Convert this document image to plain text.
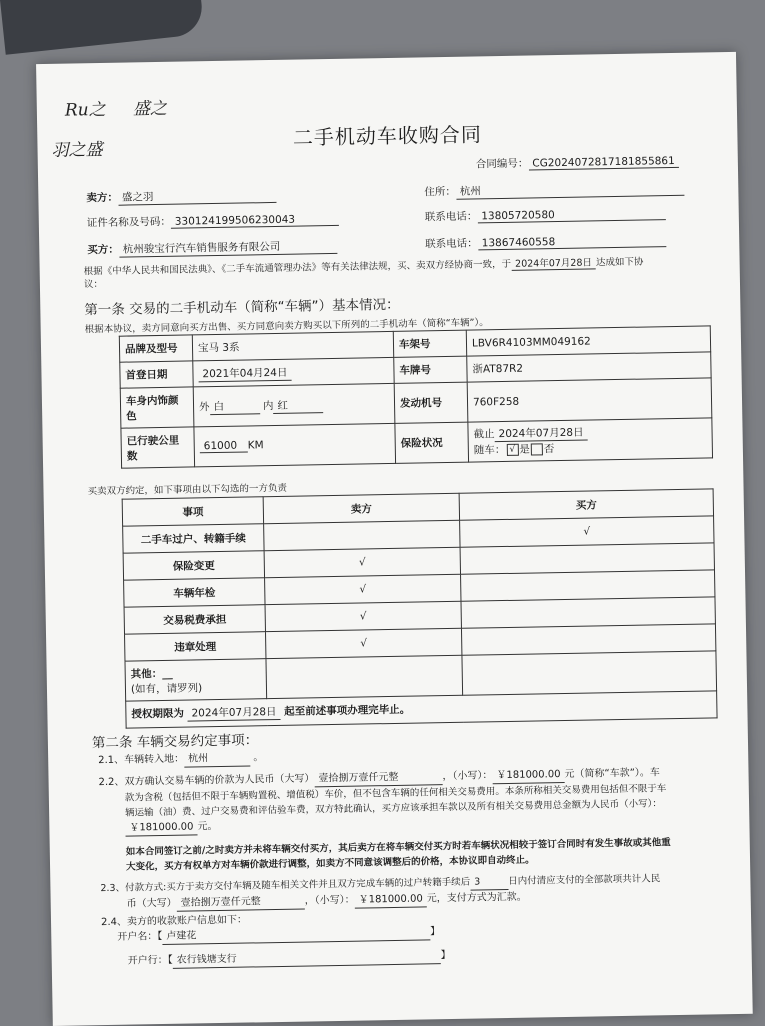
Ru之 盛之
羽之盛
二手机动车收购合同
合同编号： CG2024072817181855861
卖方： 盛之羽	住所： 杭州
证件名称及号码： 330124199506230043	联系电话： 13805720580
买方： 杭州骏宝行汽车销售服务有限公司	联系电话： 13867460558
根据《中华人民共和国民法典》、《二手车流通管理办法》等有关法律法规，买、卖双方经协商一致，于 2024年07月28日 达成如下协
议：
第一条 交易的二手机动车（简称“车辆”）基本情况：
根据本协议，卖方同意向买方出售、买方同意向卖方购买以下所列的二手机动车（简称“车辆”）。
品牌及型号	宝马 3系	车架号	LBV6R4103MM049162
首登日期	2021年04月24日	车牌号	浙AT87R2
车身内饰颜色	外 白 内 红	发动机号	760F258
已行驶公里数	61000 KM	保险状况	截止 2024年07月28日
随车： √ 是 否
买卖双方约定，如下事项由以下勾选的一方负责
事项	卖方	买方
二手车过户、转籍手续		√
保险变更	√	
车辆年检	√	
交易税费承担	√	
违章处理	√	

其他：__
(如有，请罗列)		

授权期限为 2024年07月28日 起至前述事项办理完毕止。		
第二条 车辆交易约定事项：
2.1、车辆转入地： 杭州	。
2.2、双方确认交易车辆的价款为人民币（大写） 壹拾捌万壹仟元整	，（小写）： ￥181000.00 元（简称“车款”）。车
款为含税（包括但不限于车辆购置税、增值税）车价，但不包含车辆的任何相关交易费用。本条所称相关交易费用包括但不限于车
辆运输（油）费、过户交易费和评估验车费，双方特此确认，买方应该承担车款以及所有相关交易费用总金额为人民币（小写）：
￥181000.00 元。
如本合同签订之前/之时卖方并未将车辆交付买方，其后卖方在将车辆交付买方时若车辆状况相较于签订合同时有发生事故或其他重
大变化，买方有权单方对车辆价款进行调整，如卖方不同意该调整后的价格，本协议即自动终止。
2.3、付款方式:买方于卖方交付车辆及随车相关文件并且双方完成车辆的过户转籍手续后 3	日内付清应支付的全部款项共计人民
币（大写） 壹拾捌万壹仟元整	，（小写）： ￥181000.00 元，支付方式为汇款。
2.4、卖方的收款账户信息如下：
开户名：【 卢建花	】
开户行：【 农行钱塘支行	】
